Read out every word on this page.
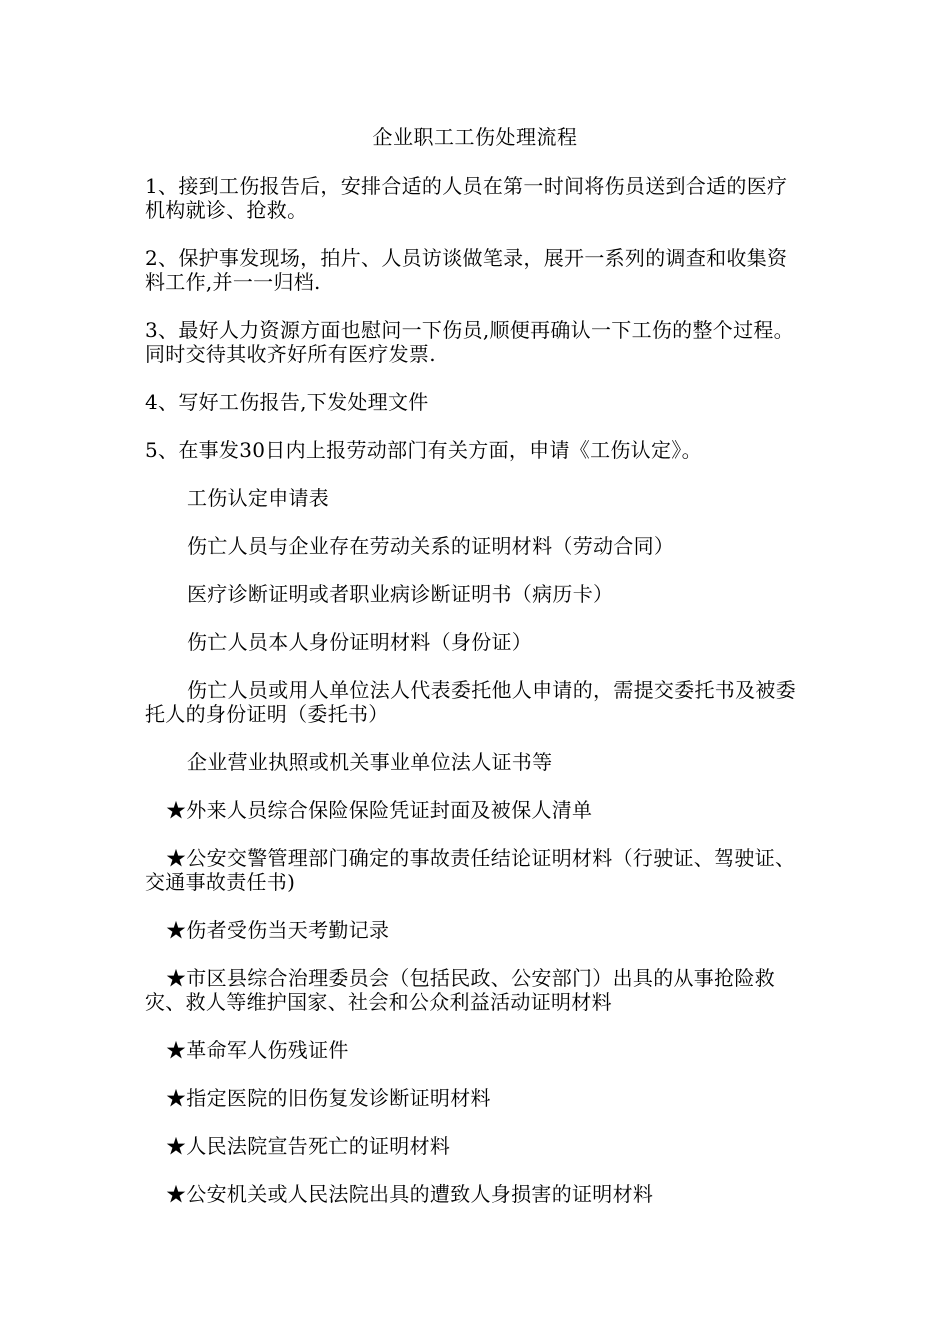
企业职工工伤处理流程
1、接到工伤报告后，安排合适的人员在第一时间将伤员送到合适的医疗机构就诊、抢救。
2、保护事发现场，拍片、人员访谈做笔录，展开一系列的调查和收集资料工作,并一一归档.
3、最好人力资源方面也慰问一下伤员,顺便再确认一下工伤的整个过程。同时交待其收齐好所有医疗发票.
4、写好工伤报告,下发处理文件
5、在事发30日内上报劳动部门有关方面，申请《工伤认定》。
工伤认定申请表
伤亡人员与企业存在劳动关系的证明材料（劳动合同）
医疗诊断证明或者职业病诊断证明书（病历卡）
伤亡人员本人身份证明材料（身份证）
伤亡人员或用人单位法人代表委托他人申请的，需提交委托书及被委托人的身份证明（委托书）
企业营业执照或机关事业单位法人证书等
★外来人员综合保险保险凭证封面及被保人清单
★公安交警管理部门确定的事故责任结论证明材料（行驶证、驾驶证、交通事故责任书)
★伤者受伤当天考勤记录
★市区县综合治理委员会（包括民政、公安部门）出具的从事抢险救灾、救人等维护国家、社会和公众利益活动证明材料
★革命军人伤残证件
★指定医院的旧伤复发诊断证明材料
★人民法院宣告死亡的证明材料
★公安机关或人民法院出具的遭致人身损害的证明材料
